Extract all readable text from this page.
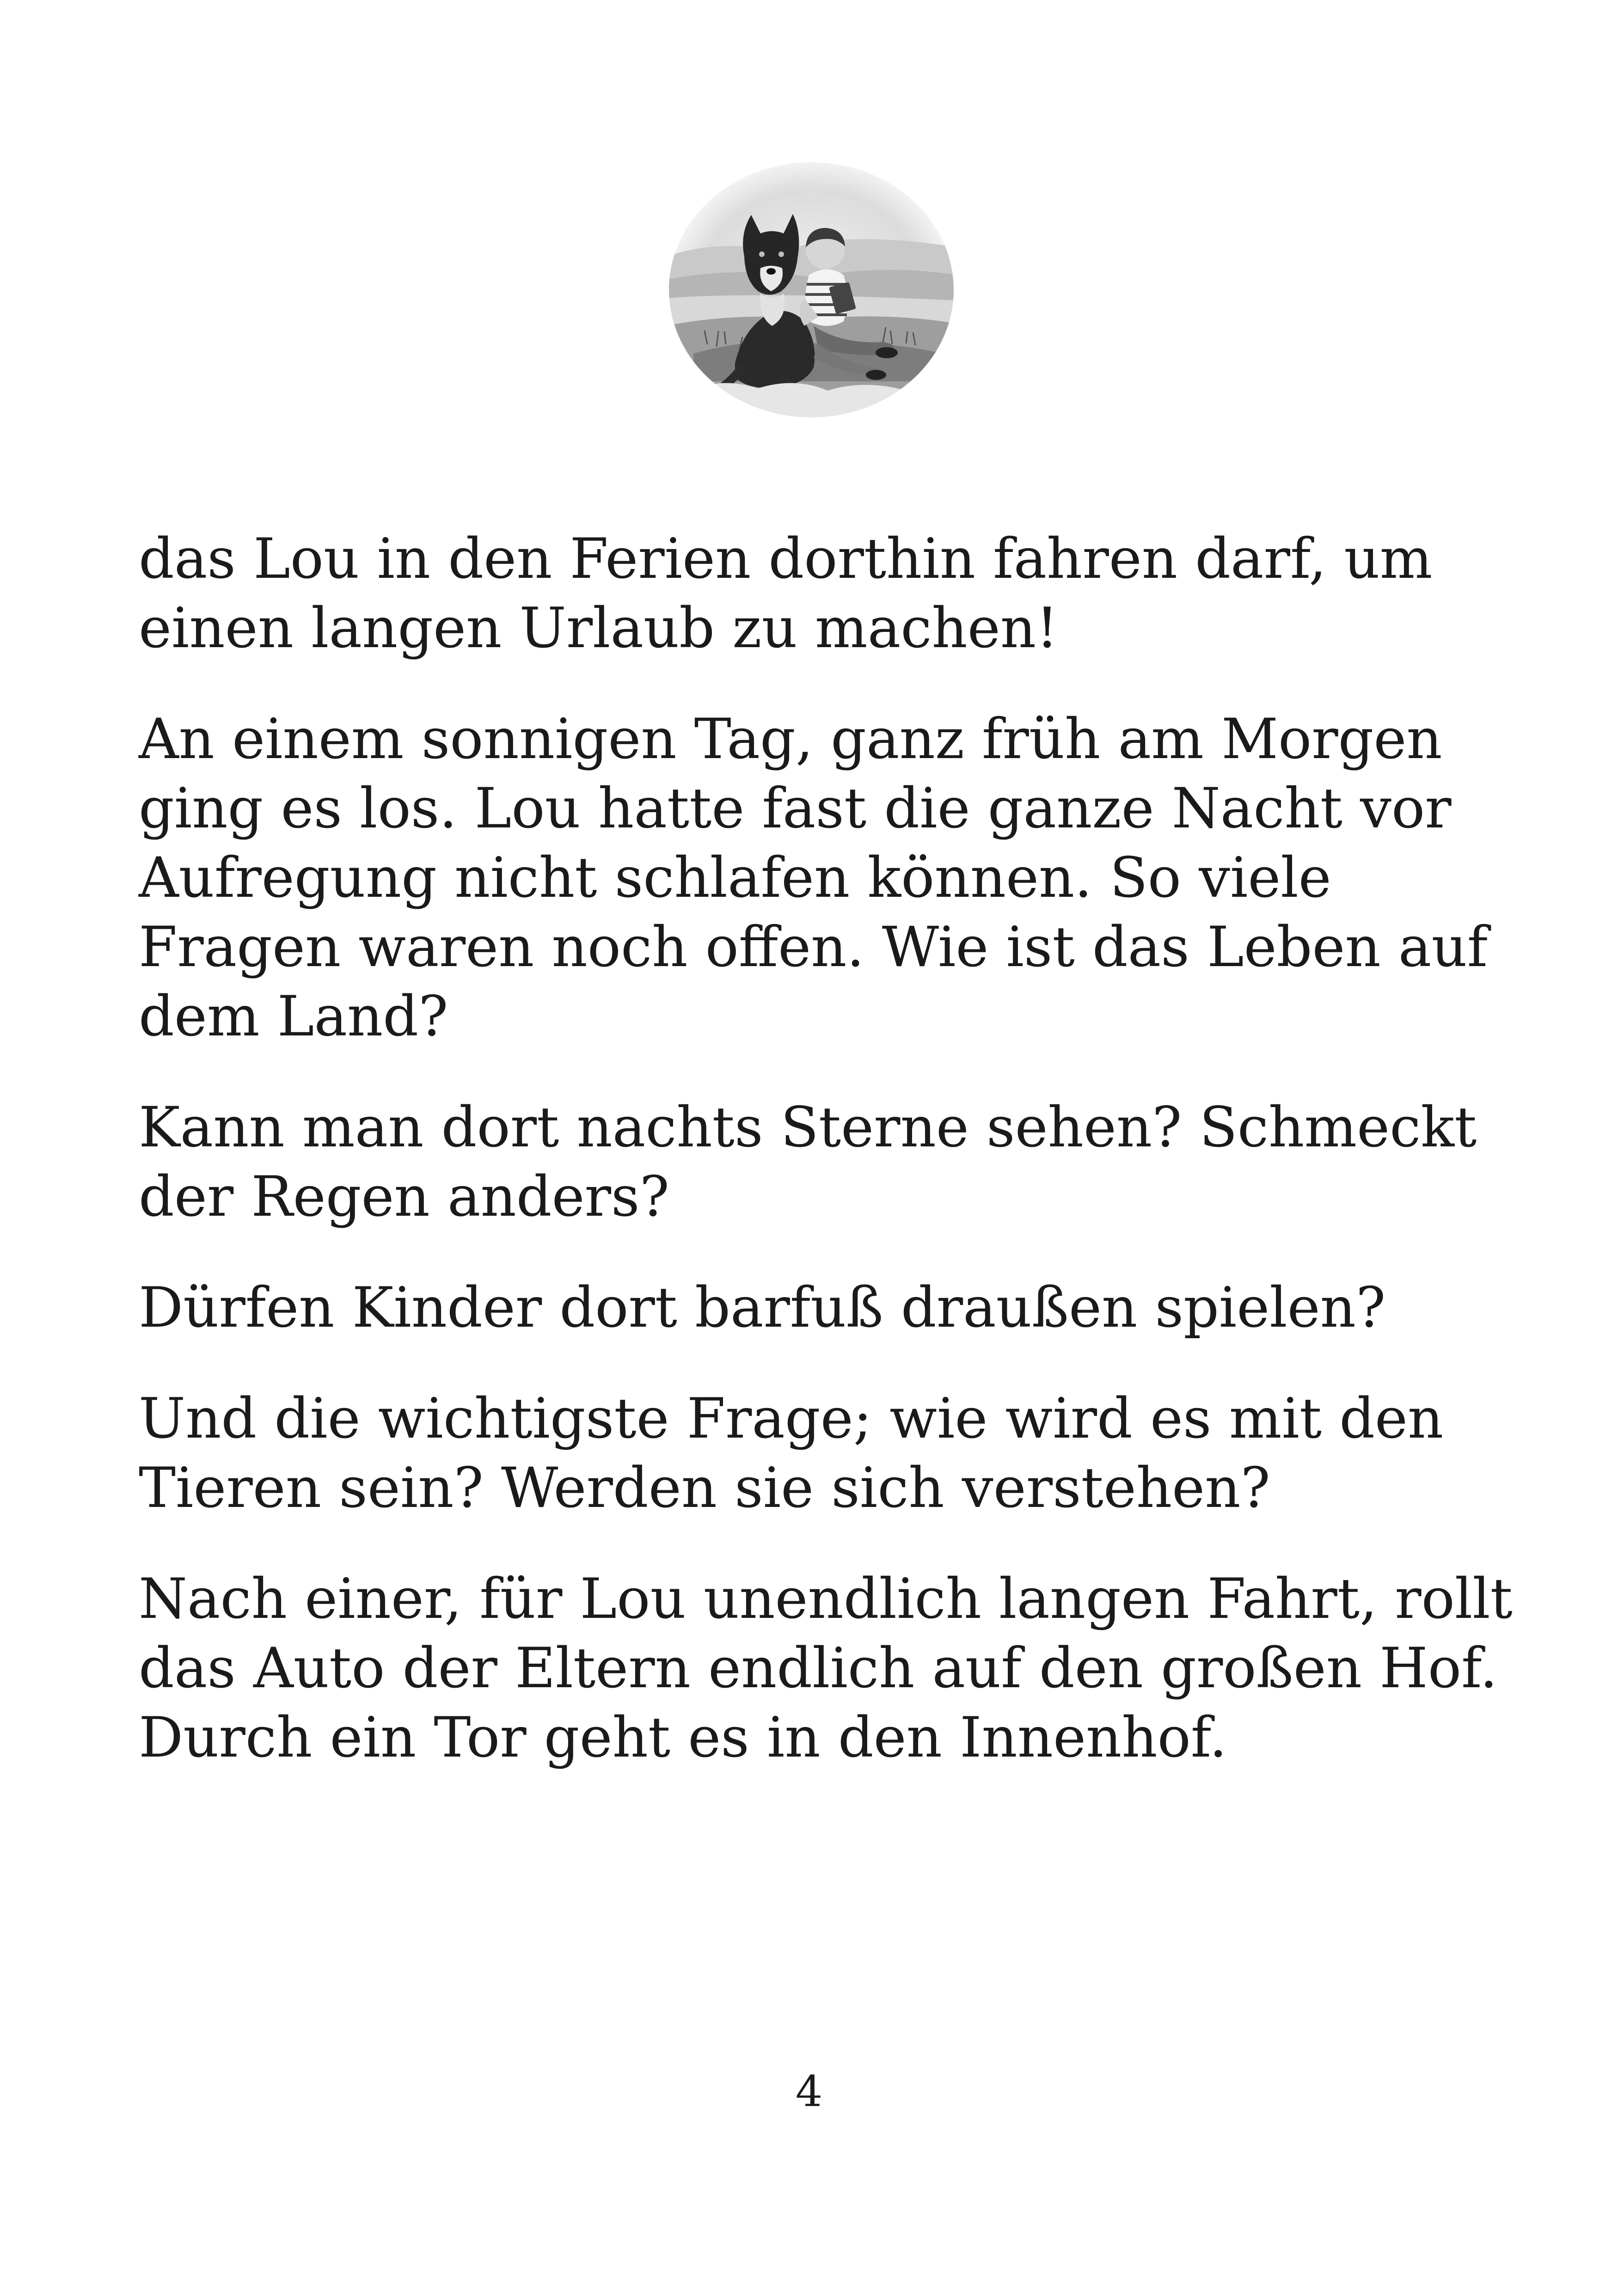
das Lou in den Ferien dorthin fahren darf, um
einen langen Urlaub zu machen!

An einem sonnigen Tag, ganz früh am Morgen
ging es los. Lou hatte fast die ganze Nacht vor
Aufregung nicht schlafen können. So viele
Fragen waren noch offen. Wie ist das Leben auf
dem Land?

Kann man dort nachts Sterne sehen? Schmeckt
der Regen anders?

Dürfen Kinder dort barfuß draußen spielen?

Und die wichtigste Frage; wie wird es mit den
Tieren sein? Werden sie sich verstehen?

Nach einer, für Lou unendlich langen Fahrt, rollt
das Auto der Eltern endlich auf den großen Hof.
Durch ein Tor geht es in den Innenhof.

4
